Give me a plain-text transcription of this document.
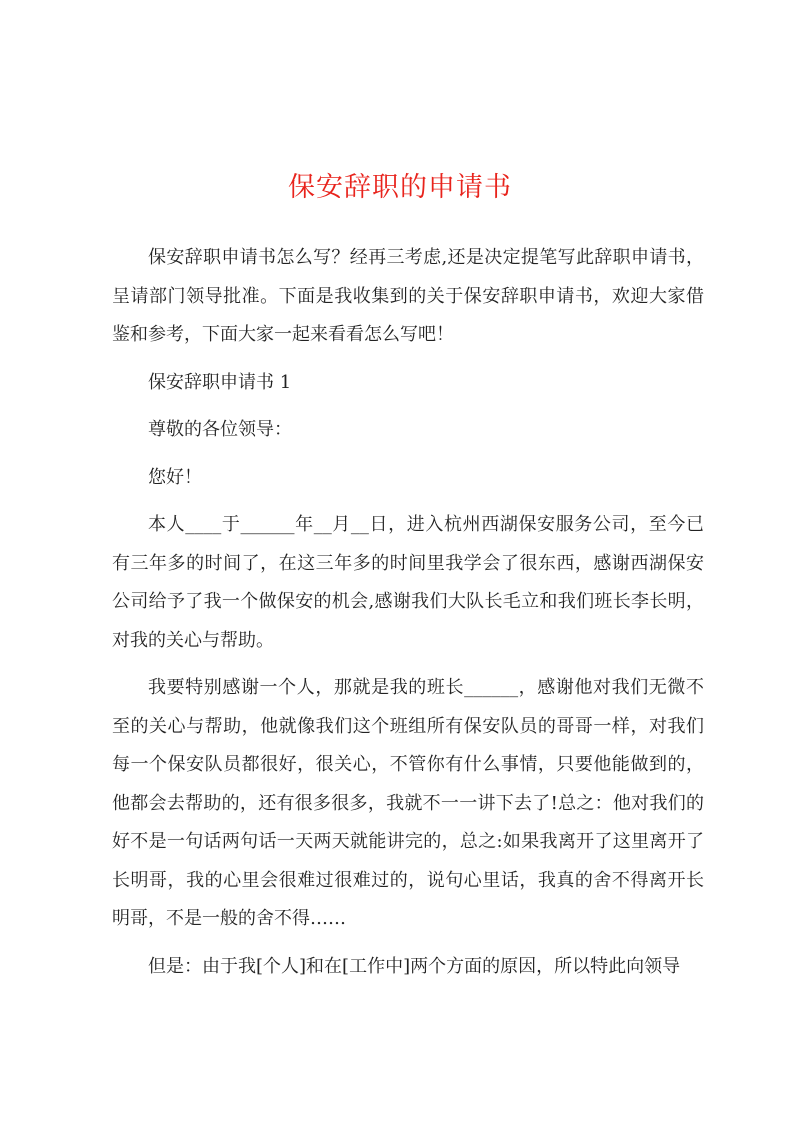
保安辞职的申请书

保安辞职申请书怎么写？经再三考虑,还是决定提笔写此辞职申请书，呈请部门领导批准。下面是我收集到的关于保安辞职申请书，欢迎大家借鉴和参考，下面大家一起来看看怎么写吧！

保安辞职申请书 1

尊敬的各位领导：

您好！

本人____于______年__月__日，进入杭州西湖保安服务公司，至今已有三年多的时间了，在这三年多的时间里我学会了很东西，感谢西湖保安公司给予了我一个做保安的机会,感谢我们大队长毛立和我们班长李长明，对我的关心与帮助。

我要特别感谢一个人，那就是我的班长______，感谢他对我们无微不至的关心与帮助，他就像我们这个班组所有保安队员的哥哥一样，对我们每一个保安队员都很好，很关心，不管你有什么事情，只要他能做到的，他都会去帮助的，还有很多很多，我就不一一讲下去了!总之：他对我们的好不是一句话两句话一天两天就能讲完的，总之:如果我离开了这里离开了长明哥，我的心里会很难过很难过的，说句心里话，我真的舍不得离开长明哥，不是一般的舍不得……

但是：由于我[个人]和在[工作中]两个方面的原因，所以特此向领导
